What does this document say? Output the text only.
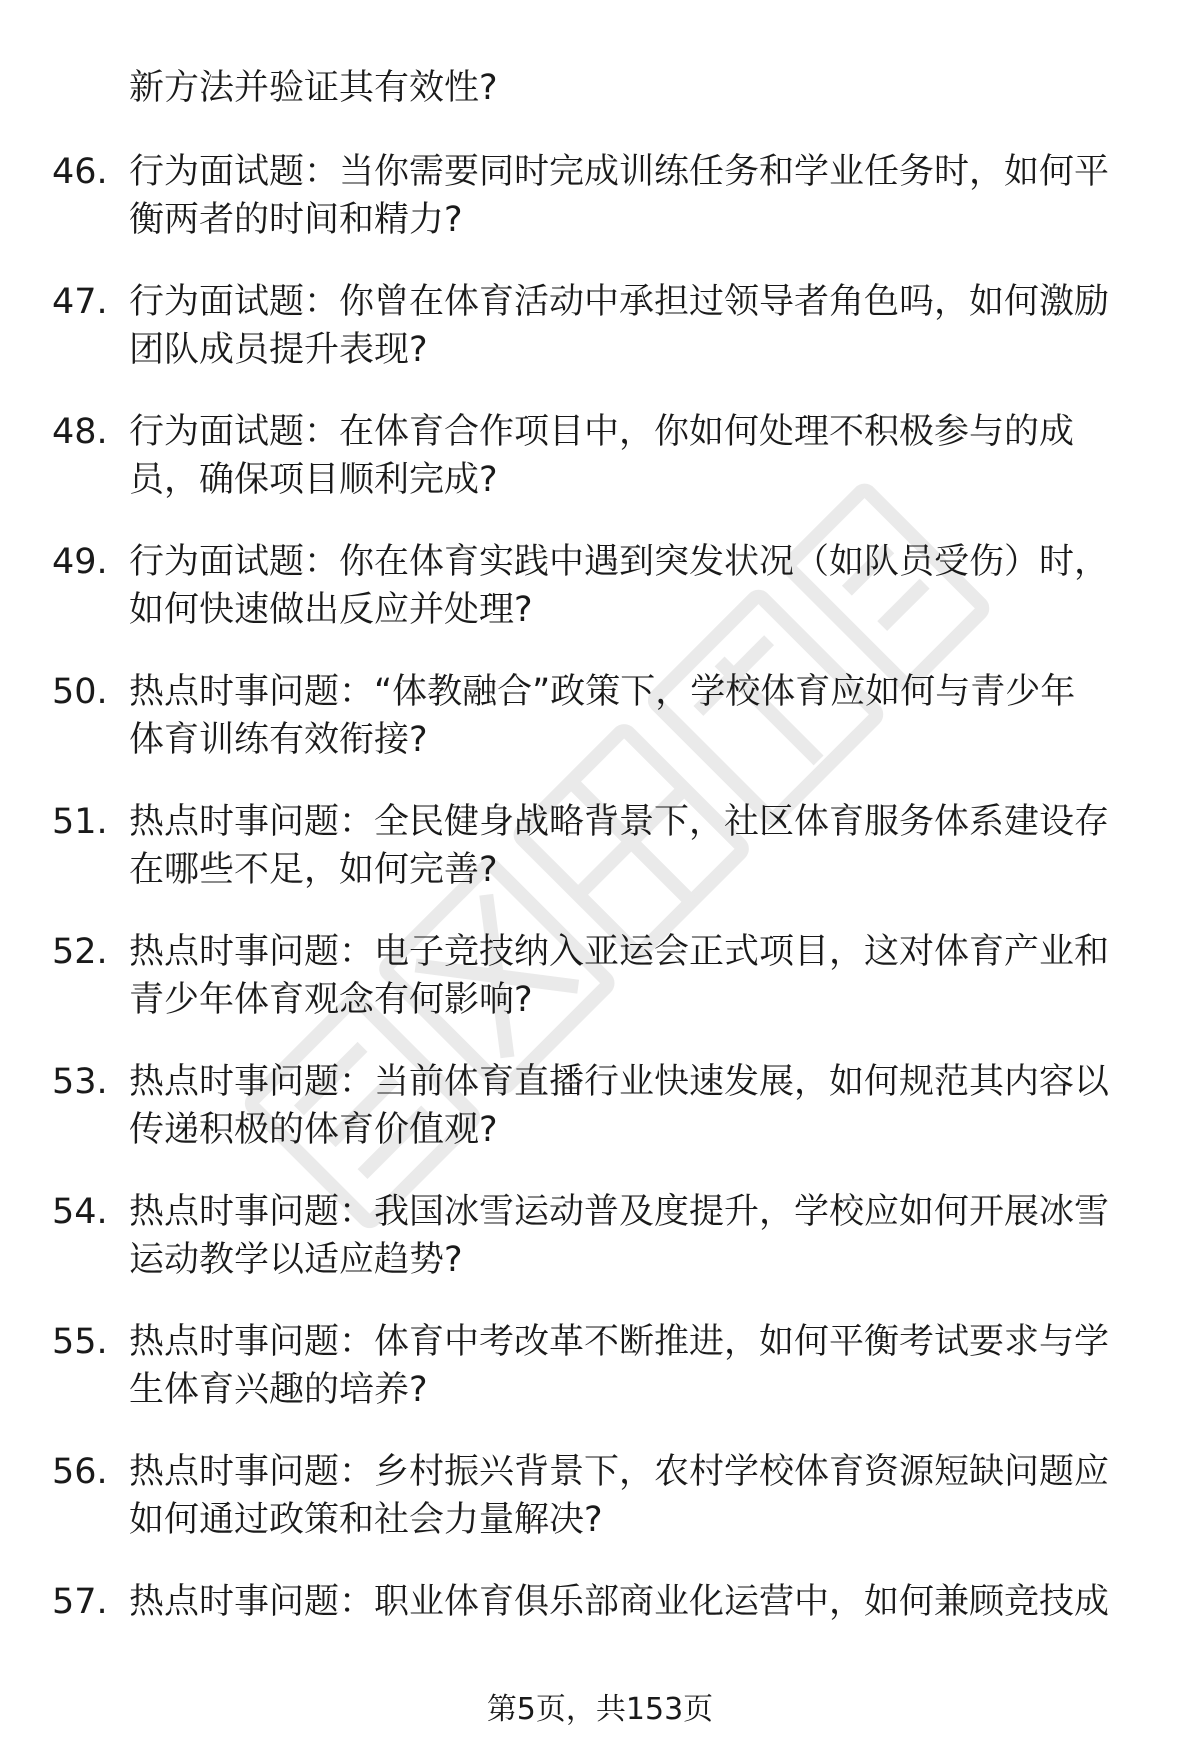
新方法并验证其有效性?
46. 行为面试题：当你需要同时完成训练任务和学业任务时，如何平
衡两者的时间和精力?
47. 行为面试题：你曾在体育活动中承担过领导者角色吗，如何激励
团队成员提升表现?
48. 行为面试题：在体育合作项目中，你如何处理不积极参与的成
员，确保项目顺利完成?
49. 行为面试题：你在体育实践中遇到突发状况（如队员受伤）时，
如何快速做出反应并处理?
50. 热点时事问题：“体教融合”政策下，学校体育应如何与青少年
体育训练有效衔接?
51. 热点时事问题：全民健身战略背景下，社区体育服务体系建设存
在哪些不足，如何完善?
52. 热点时事问题：电子竞技纳入亚运会正式项目，这对体育产业和
青少年体育观念有何影响?
53. 热点时事问题：当前体育直播行业快速发展，如何规范其内容以
传递积极的体育价值观?
54. 热点时事问题：我国冰雪运动普及度提升，学校应如何开展冰雪
运动教学以适应趋势?
55. 热点时事问题：体育中考改革不断推进，如何平衡考试要求与学
生体育兴趣的培养?
56. 热点时事问题：乡村振兴背景下，农村学校体育资源短缺问题应
如何通过政策和社会力量解决?
57. 热点时事问题：职业体育俱乐部商业化运营中，如何兼顾竞技成
第5页，共153页
